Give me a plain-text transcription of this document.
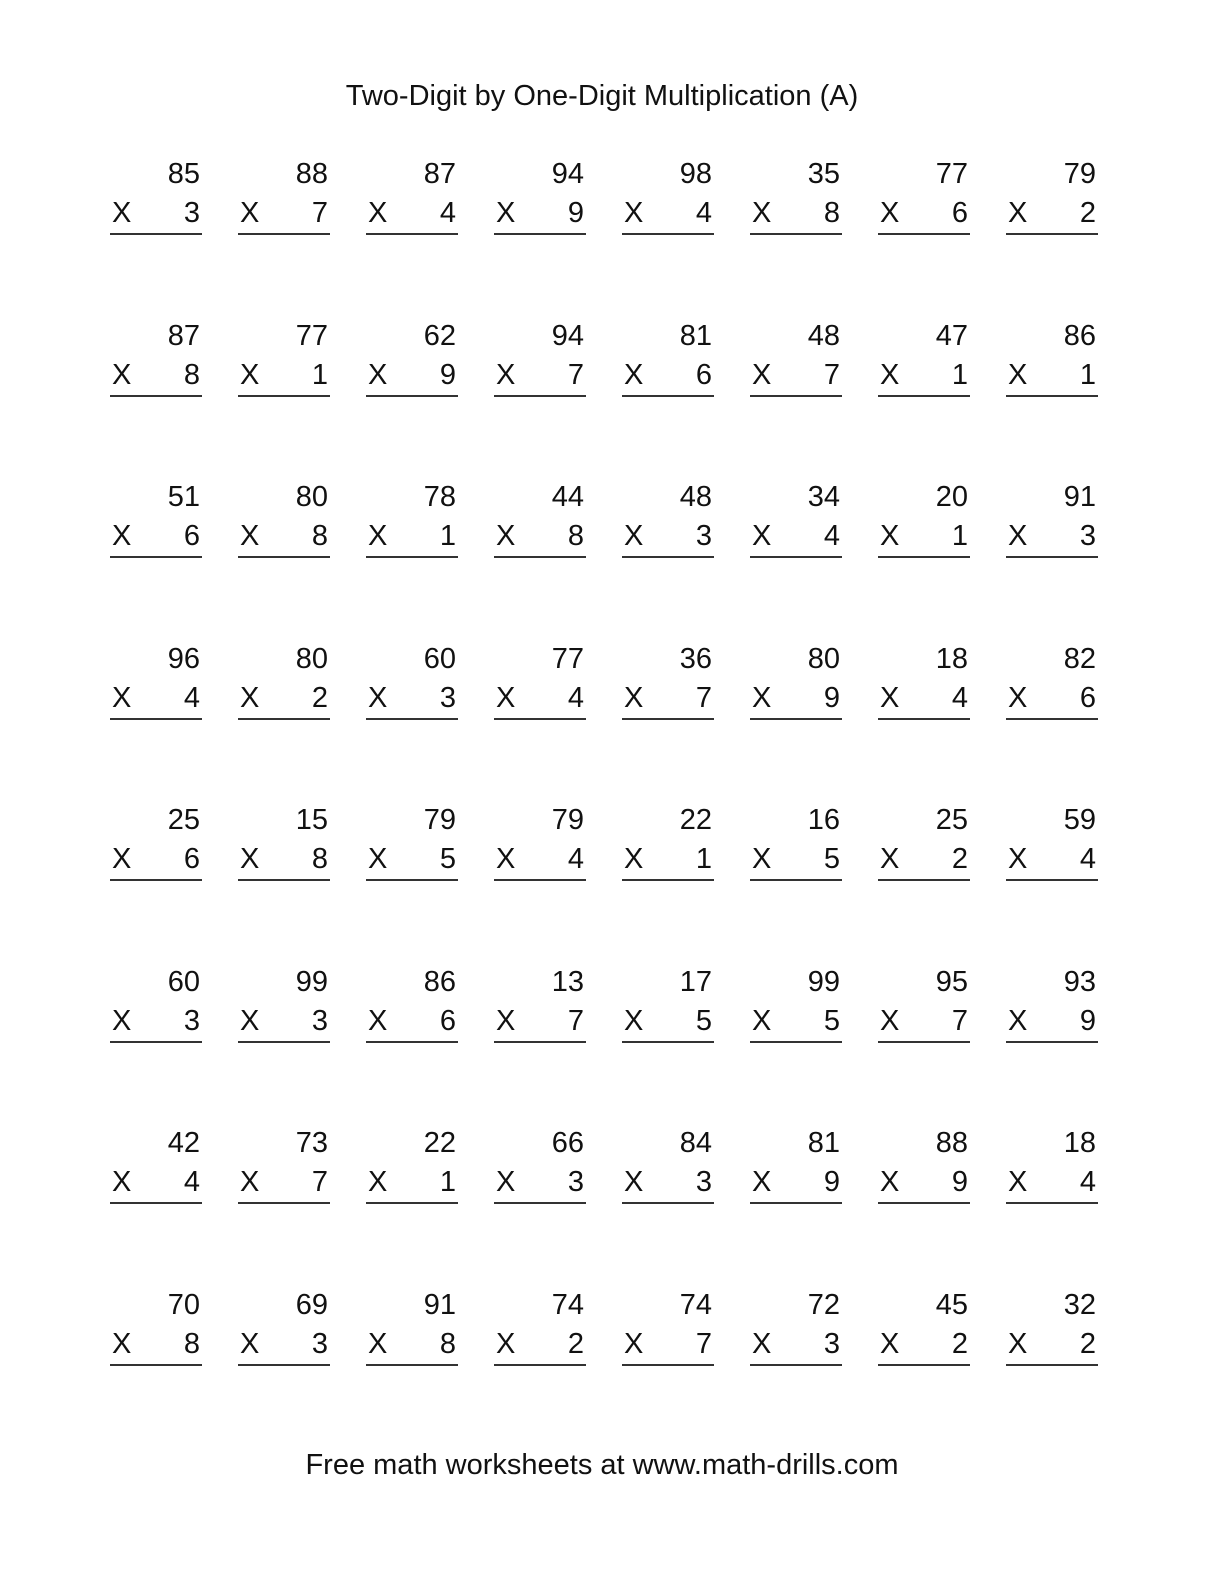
Two-Digit by One-Digit Multiplication (A)
85
X 3
88
X 7
87
X 4
94
X 9
98
X 4
35
X 8
77
X 6
79
X 2
87
X 8
77
X 1
62
X 9
94
X 7
81
X 6
48
X 7
47
X 1
86
X 1
51
X 6
80
X 8
78
X 1
44
X 8
48
X 3
34
X 4
20
X 1
91
X 3
96
X 4
80
X 2
60
X 3
77
X 4
36
X 7
80
X 9
18
X 4
82
X 6
25
X 6
15
X 8
79
X 5
79
X 4
22
X 1
16
X 5
25
X 2
59
X 4
60
X 3
99
X 3
86
X 6
13
X 7
17
X 5
99
X 5
95
X 7
93
X 9
42
X 4
73
X 7
22
X 1
66
X 3
84
X 3
81
X 9
88
X 9
18
X 4
70
X 8
69
X 3
91
X 8
74
X 2
74
X 7
72
X 3
45
X 2
32
X 2
Free math worksheets at www.math-drills.com
